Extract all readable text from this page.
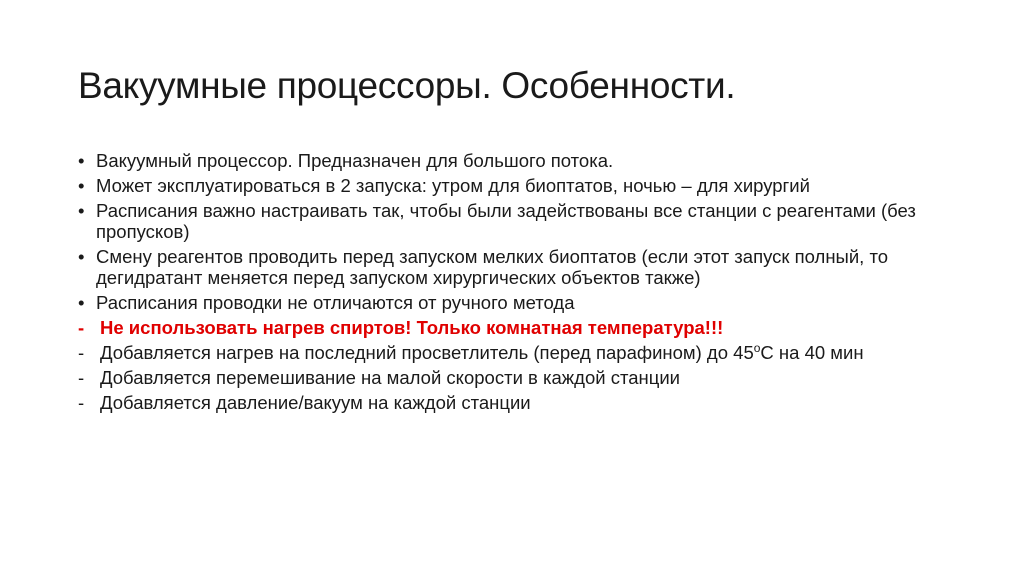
Вакуумные процессоры. Особенности.
• Вакуумный процессор. Предназначен для большого потока.
• Может эксплуатироваться в 2 запуска: утром для биоптатов, ночью – для хирургий
• Расписания важно настраивать так, чтобы были задействованы все станции с реагентами (без пропусков)
• Смену реагентов проводить перед запуском мелких биоптатов (если этот запуск полный, то дегидратант меняется перед запуском хирургических объектов также)
• Расписания проводки не отличаются от ручного метода
- Не использовать нагрев спиртов! Только комнатная температура!!!
- Добавляется нагрев на последний просветлитель (перед парафином) до $45^оС$ на 40 мин
- Добавляется перемешивание на малой скорости в каждой станции
- Добавляется давление/вакуум на каждой станции
